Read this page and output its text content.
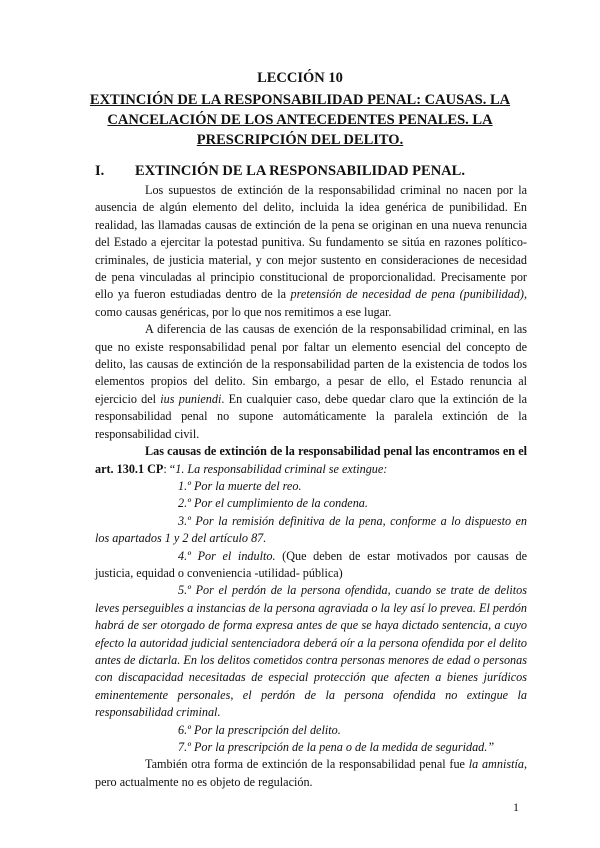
LECCIÓN 10
EXTINCIÓN DE LA RESPONSABILIDAD PENAL: CAUSAS. LA CANCELACIÓN DE LOS ANTECEDENTES PENALES. LA PRESCRIPCIÓN DEL DELITO.
I. EXTINCIÓN DE LA RESPONSABILIDAD PENAL.

Los supuestos de extinción de la responsabilidad criminal no nacen por la ausencia de algún elemento del delito, incluida la idea genérica de punibilidad. En realidad, las llamadas causas de extinción de la pena se originan en una nueva renuncia del Estado a ejercitar la potestad punitiva. Su fundamento se sitúa en razones político-criminales, de justicia material, y con mejor sustento en consideraciones de necesidad de pena vinculadas al principio constitucional de proporcionalidad. Precisamente por ello ya fueron estudiadas dentro de la pretensión de necesidad de pena (punibilidad), como causas genéricas, por lo que nos remitimos a ese lugar.

A diferencia de las causas de exención de la responsabilidad criminal, en las que no existe responsabilidad penal por faltar un elemento esencial del concepto de delito, las causas de extinción de la responsabilidad parten de la existencia de todos los elementos propios del delito. Sin embargo, a pesar de ello, el Estado renuncia al ejercicio del ius puniendi. En cualquier caso, debe quedar claro que la extinción de la responsabilidad penal no supone automáticamente la paralela extinción de la responsabilidad civil.

Las causas de extinción de la responsabilidad penal las encontramos en el art. 130.1 CP: “1. La responsabilidad criminal se extingue:

1.º Por la muerte del reo.

2.º Por el cumplimiento de la condena.

3.º Por la remisión definitiva de la pena, conforme a lo dispuesto en los apartados 1 y 2 del artículo 87.

4.º Por el indulto. (Que deben de estar motivados por causas de justicia, equidad o conveniencia -utilidad- pública)

5.º Por el perdón de la persona ofendida, cuando se trate de delitos leves perseguibles a instancias de la persona agraviada o la ley así lo prevea. El perdón habrá de ser otorgado de forma expresa antes de que se haya dictado sentencia, a cuyo efecto la autoridad judicial sentenciadora deberá oír a la persona ofendida por el delito antes de dictarla. En los delitos cometidos contra personas menores de edad o personas con discapacidad necesitadas de especial protección que afecten a bienes jurídicos eminentemente personales, el perdón de la persona ofendida no extingue la responsabilidad criminal.

6.º Por la prescripción del delito.

7.º Por la prescripción de la pena o de la medida de seguridad.”

También otra forma de extinción de la responsabilidad penal fue la amnistía, pero actualmente no es objeto de regulación.

1
